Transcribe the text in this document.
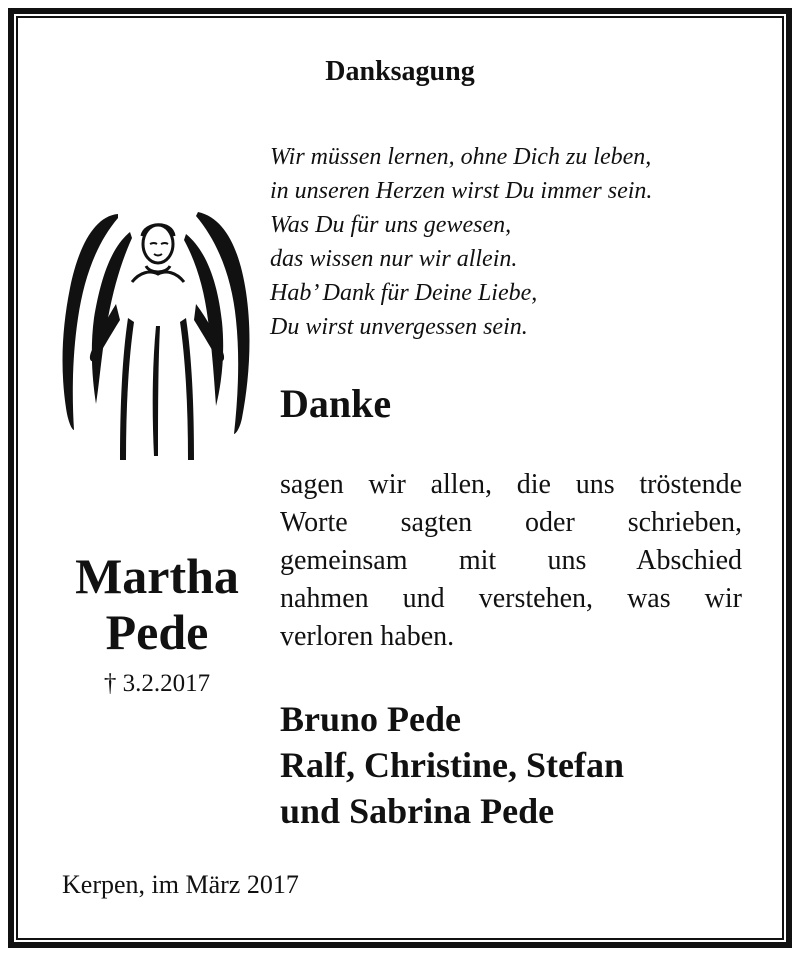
Danksagung
Wir müssen lernen, ohne Dich zu leben,
in unseren Herzen wirst Du immer sein.
Was Du für uns gewesen,
das wissen nur wir allein.
Hab’ Dank für Deine Liebe,
Du wirst unvergessen sein.
Danke
sagen wir allen, die uns tröstende
Worte sagten oder schrieben,
gemeinsam mit uns Abschied
nahmen und verstehen, was wir
verloren haben.
Martha
Pede
† 3.2.2017
Bruno Pede
Ralf, Christine, Stefan
und Sabrina Pede
Kerpen, im März 2017
